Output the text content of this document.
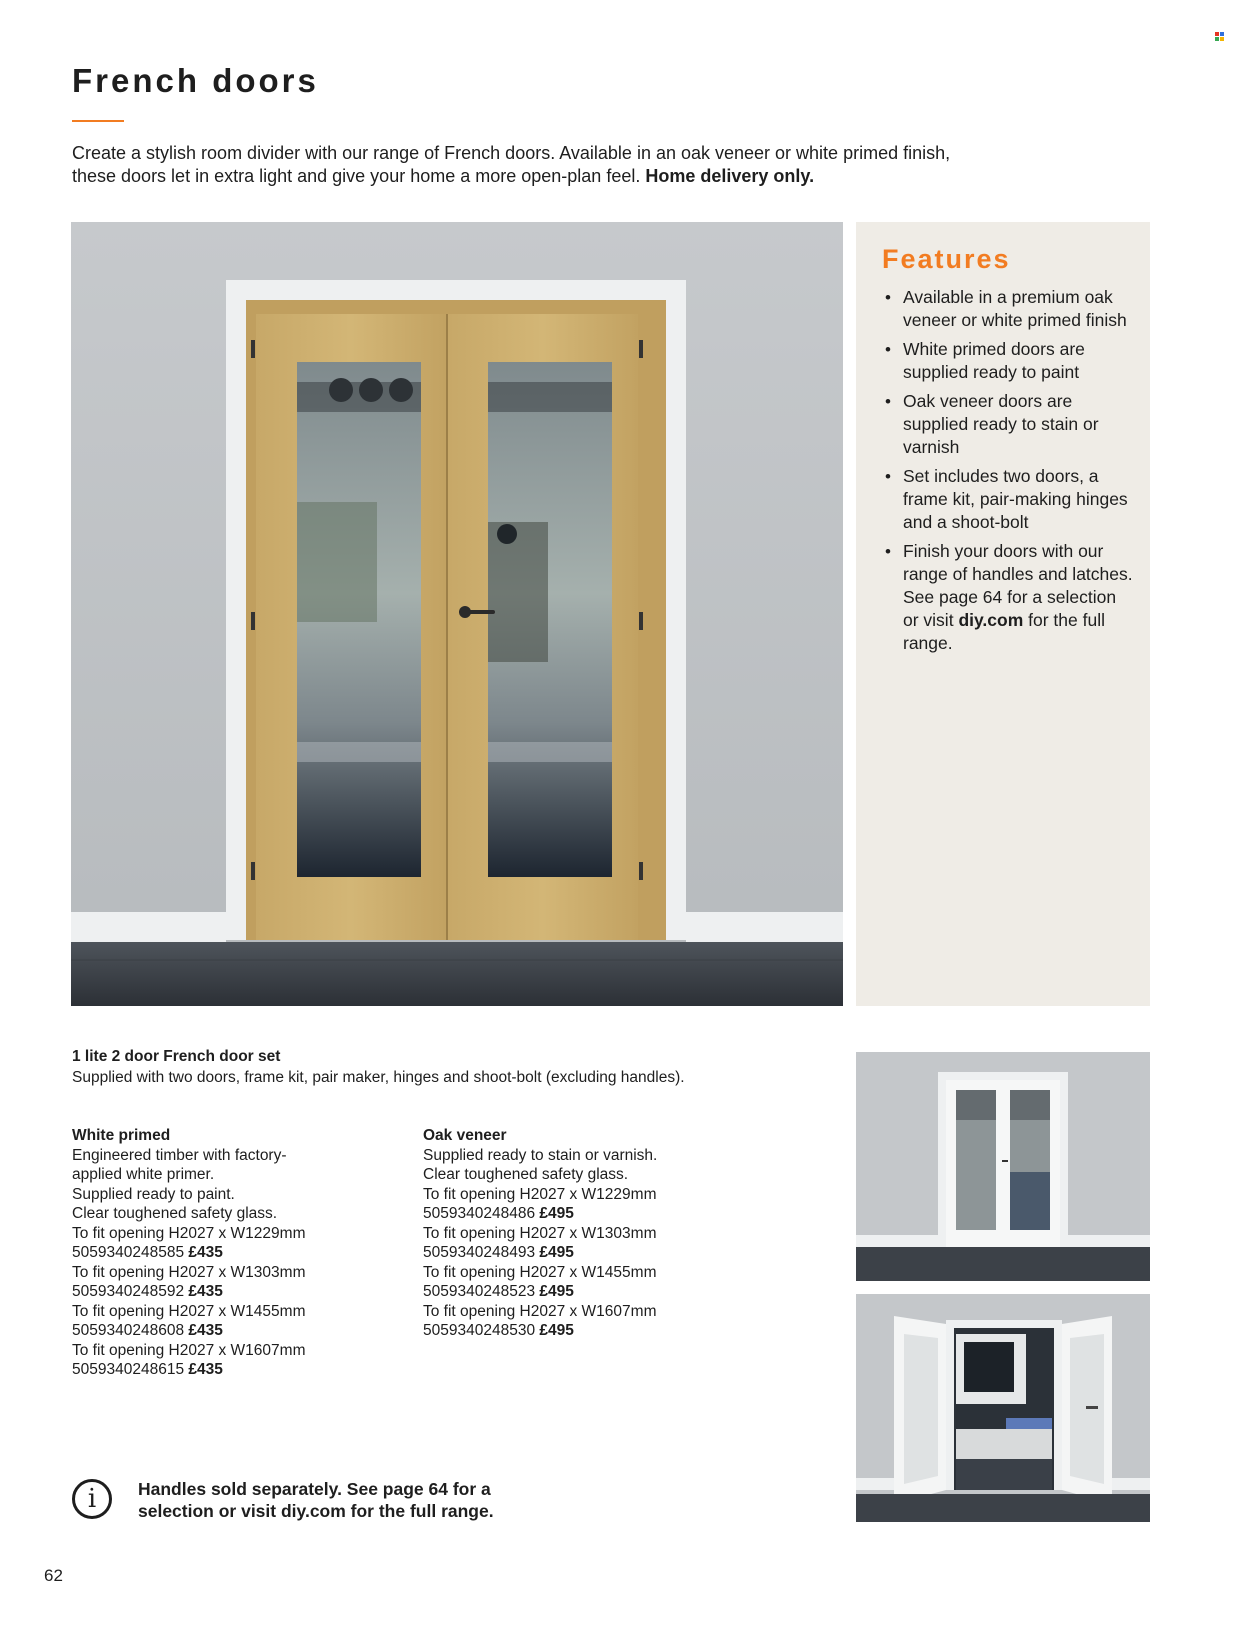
French doors

Create a stylish room divider with our range of French doors. Available in an oak veneer or white primed finish, these doors let in extra light and give your home a more open-plan feel. Home delivery only.

Features
• Available in a premium oak veneer or white primed finish
• White primed doors are supplied ready to paint
• Oak veneer doors are supplied ready to stain or varnish
• Set includes two doors, a frame kit, pair-making hinges and a shoot-bolt
• Finish your doors with our range of handles and latches. See page 64 for a selection or visit diy.com for the full range.
1 lite 2 door French door set
Supplied with two doors, frame kit, pair maker, hinges and shoot-bolt (excluding handles).
White primed
Engineered timber with factory-
applied white primer.
Supplied ready to paint.
Clear toughened safety glass.
To fit opening H2027 x W1229mm
5059340248585 £435
To fit opening H2027 x W1303mm
5059340248592 £435
To fit opening H2027 x W1455mm
5059340248608 £435
To fit opening H2027 x W1607mm
5059340248615 £435
Oak veneer
Supplied ready to stain or varnish.
Clear toughened safety glass.
To fit opening H2027 x W1229mm
5059340248486 £495
To fit opening H2027 x W1303mm
5059340248493 £495
To fit opening H2027 x W1455mm
5059340248523 £495
To fit opening H2027 x W1607mm
5059340248530 £495
i	Handles sold separately. See page 64 for a selection or visit diy.com for the full range.
62
